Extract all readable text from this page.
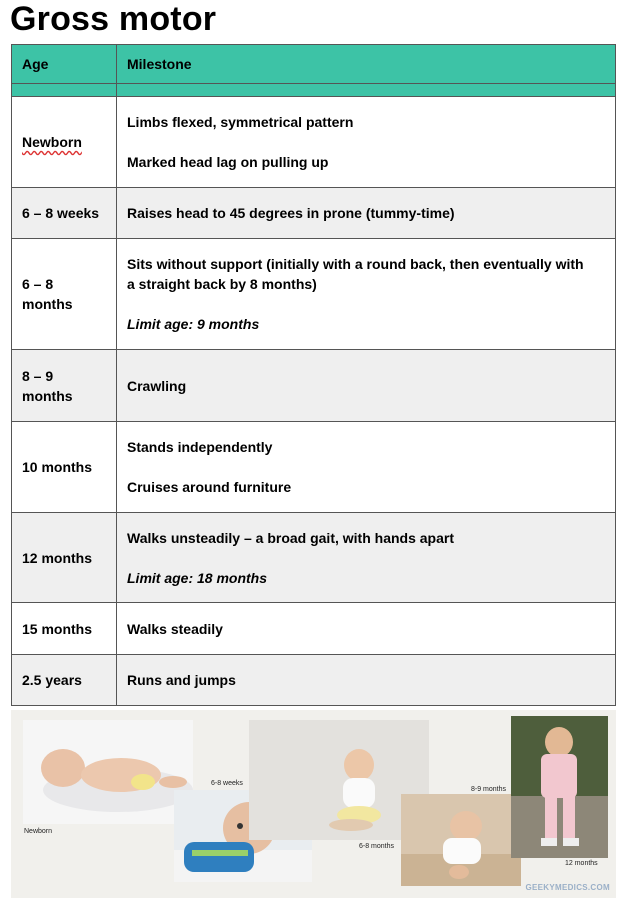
Gross motor
Age	Milestone

Newborn	Limbs flexed, symmetrical pattern
Marked head lag on pulling up

6 – 8 weeks	Raises head to 45 degrees in prone (tummy-time)

6 – 8
months	Sits without support (initially with a round back, then eventually with
a straight back by 8 months)
Limit age: 9 months

8 – 9
months	Crawling

10 months	Stands independently
Cruises around furniture

12 months	Walks unsteadily – a broad gait, with hands apart
Limit age: 18 months

15 months	Walks steadily

2.5 years	Runs and jumps
Newborn
6-8 weeks
6-8 months
8-9 months
12 months
GEEKYMEDICS.COM
